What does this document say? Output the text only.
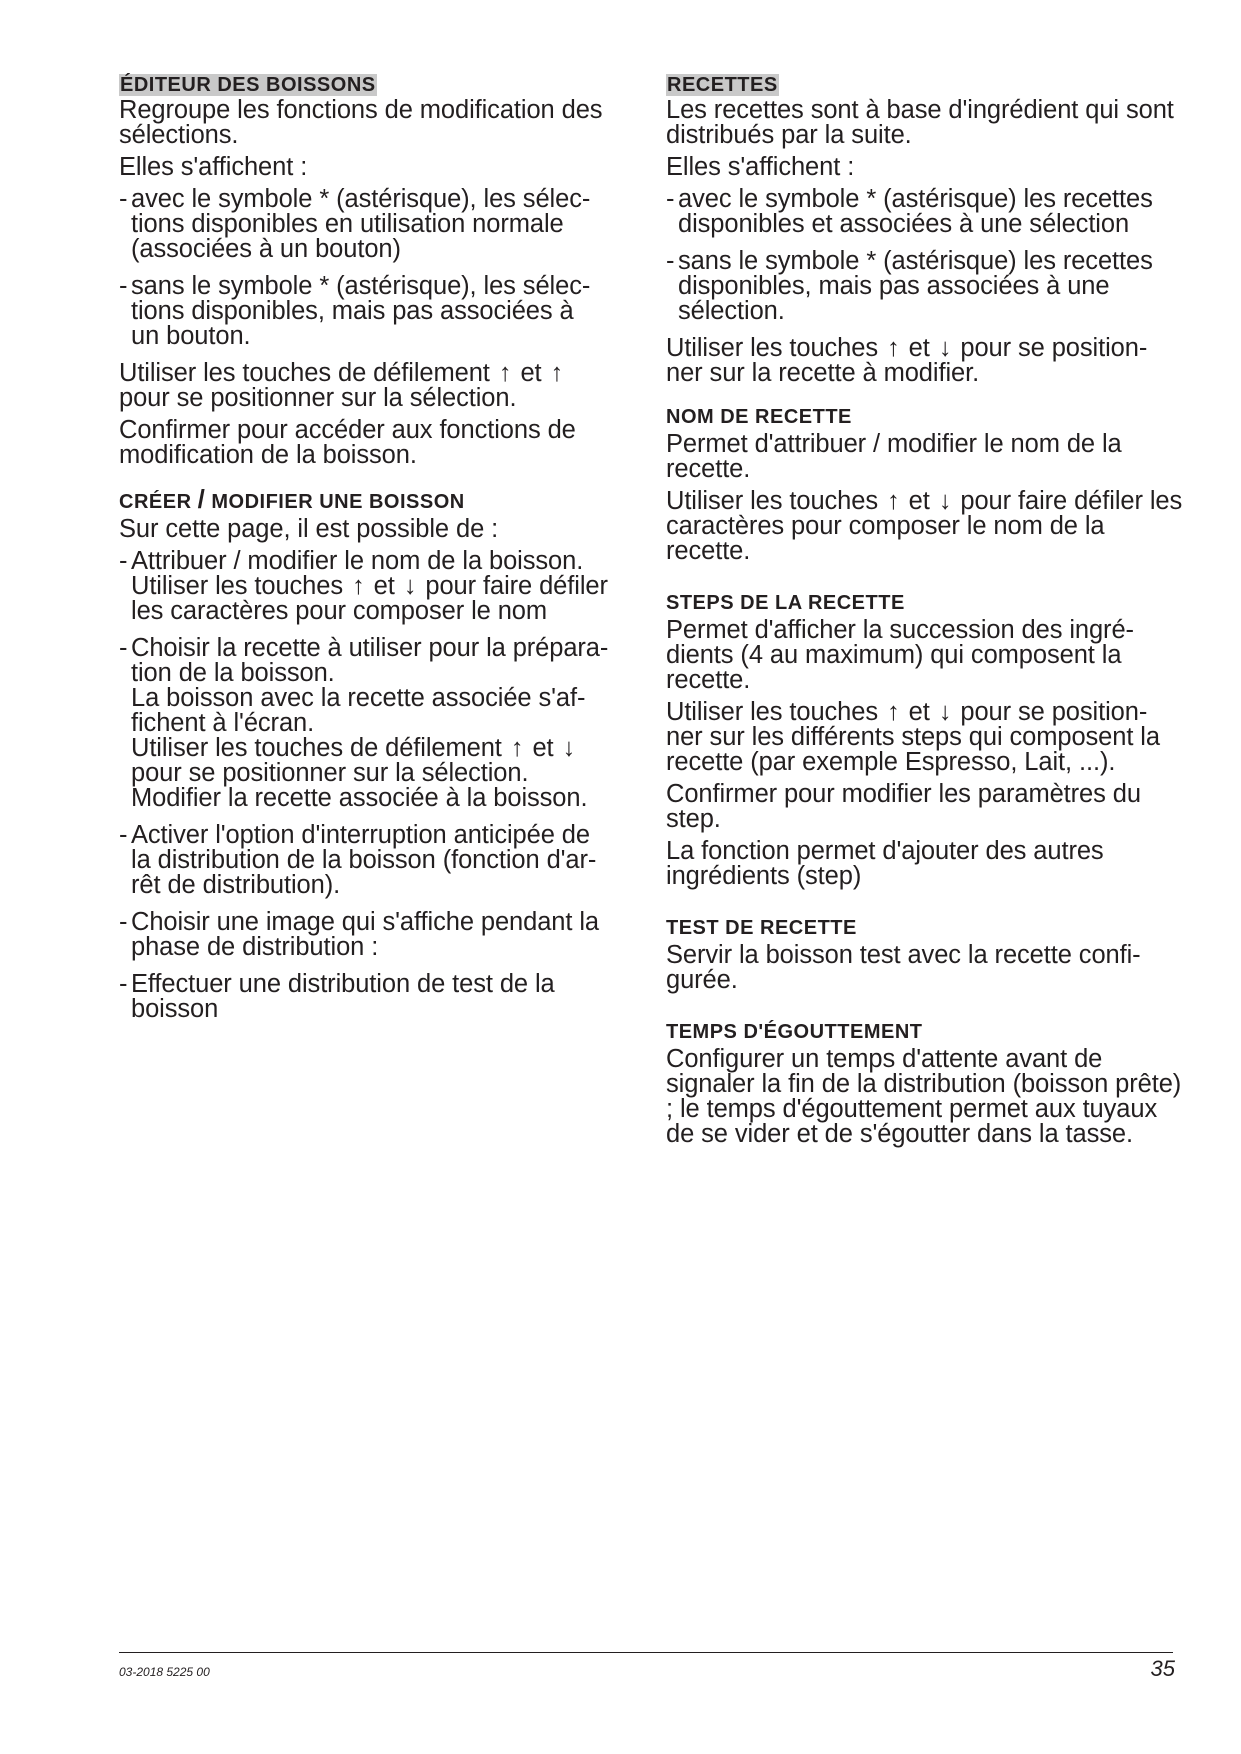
ÉDITEUR DES BOISSONS

Regroupe les fonctions de modification des sélections.

Elles s'affichent :

- avec le symbole * (astérisque), les sélec-
tions disponibles en utilisation normale
(associées à un bouton)
- sans le symbole * (astérisque), les sélec-
tions disponibles, mais pas associées à
un bouton.

Utiliser les touches de défilement ↑ et ↑
pour se positionner sur la sélection.

Confirmer pour accéder aux fonctions de modification de la boisson.

CRÉER / MODIFIER UNE BOISSON

Sur cette page, il est possible de :

- Attribuer / modifier le nom de la boisson.
Utiliser les touches ↑ et ↓ pour faire défiler
les caractères pour composer le nom
- Choisir la recette à utiliser pour la prépara-
tion de la boisson.
La boisson avec la recette associée s'af-
fichent à l'écran.
Utiliser les touches de défilement ↑ et ↓
pour se positionner sur la sélection.
Modifier la recette associée à la boisson.
- Activer l'option d'interruption anticipée de
la distribution de la boisson (fonction d'ar-
rêt de distribution).
- Choisir une image qui s'affiche pendant la
phase de distribution :
- Effectuer une distribution de test de la
boisson
RECETTES

Les recettes sont à base d'ingrédient qui sont distribués par la suite.

Elles s'affichent :

- avec le symbole * (astérisque) les recettes
disponibles et associées à une sélection
- sans le symbole * (astérisque) les recettes
disponibles, mais pas associées à une
sélection.

Utiliser les touches ↑ et ↓ pour se position-
ner sur la recette à modifier.

NOM DE RECETTE

Permet d'attribuer / modifier le nom de la recette.

Utiliser les touches ↑ et ↓ pour faire défiler les caractères pour composer le nom de la recette.

STEPS DE LA RECETTE

Permet d'afficher la succession des ingré- dients (4 au maximum) qui composent la recette.

Utiliser les touches ↑ et ↓ pour se position- ner sur les différents steps qui composent la recette (par exemple Espresso, Lait, ...).

Confirmer pour modifier les paramètres du step.

La fonction permet d'ajouter des autres ingrédients (step)

TEST DE RECETTE

Servir la boisson test avec la recette confi- gurée.

TEMPS D'ÉGOUTTEMENT

Configurer un temps d'attente avant de signaler la fin de la distribution (boisson prête) ; le temps d'égouttement permet aux tuyaux de se vider et de s'égoutter dans la tasse.

03-2018 5225 00	35
